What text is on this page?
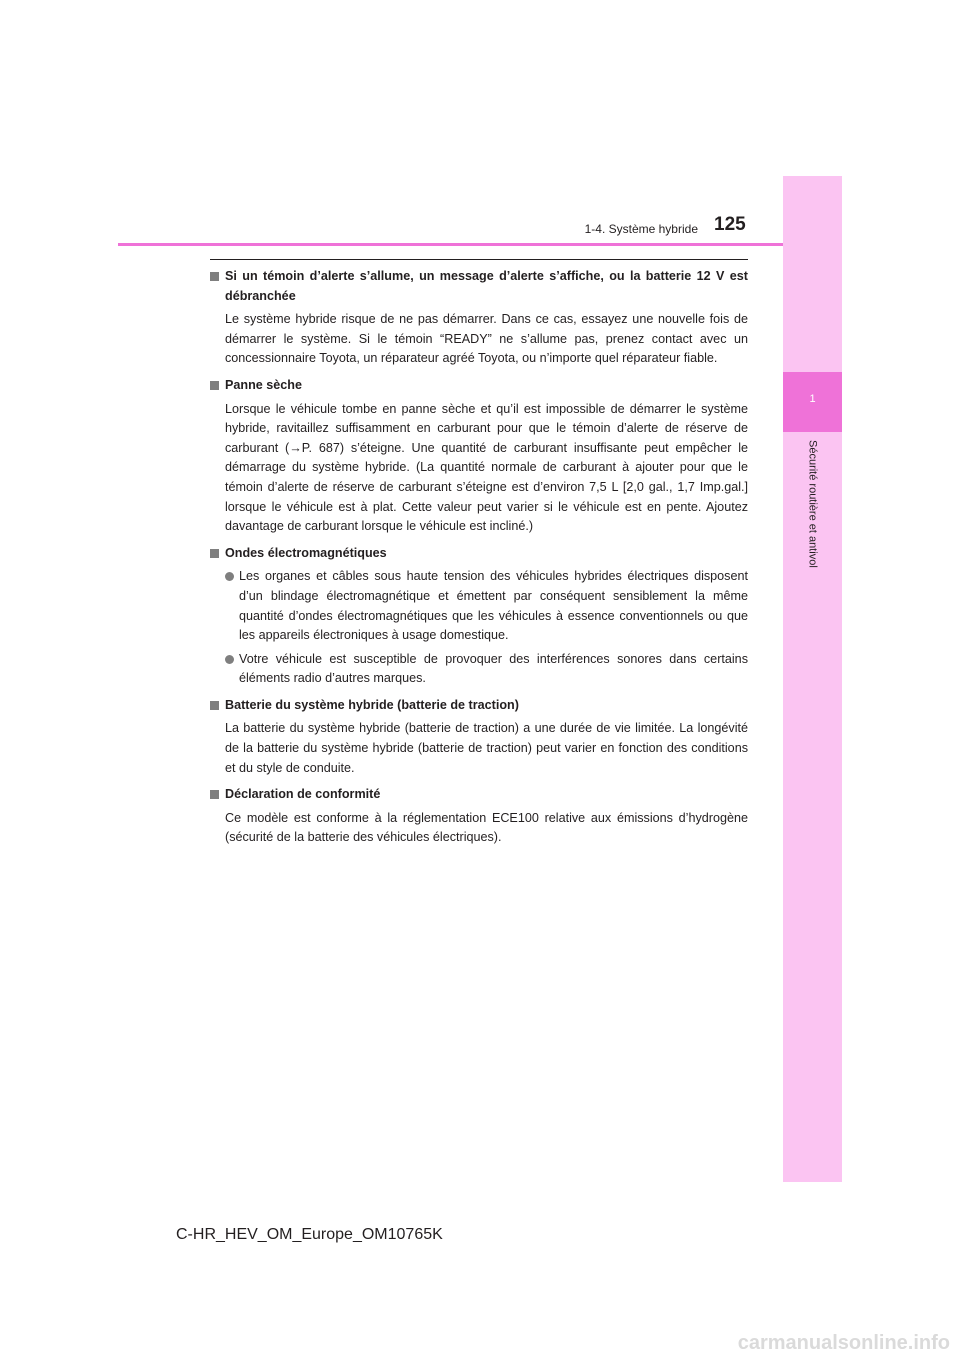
1
Sécurité routière et antivol
1-4. Système hybride 125
Si un témoin d’alerte s’allume, un message d’alerte s’affiche, ou la batterie 12 V est débranchée
Le système hybride risque de ne pas démarrer. Dans ce cas, essayez une nouvelle fois de démarrer le système. Si le témoin “READY” ne s’allume pas, prenez contact avec un concessionnaire Toyota, un réparateur agréé Toyota, ou n’importe quel réparateur fiable.
Panne sèche
Lorsque le véhicule tombe en panne sèche et qu’il est impossible de démarrer le système hybride, ravitaillez suffisamment en carburant pour que le témoin d’alerte de réserve de carburant (→P. 687) s’éteigne. Une quantité de carburant insuffisante peut empêcher le démarrage du système hybride. (La quantité normale de carburant à ajouter pour que le témoin d’alerte de réserve de carburant s’éteigne est d’environ 7,5 L [2,0 gal., 1,7 Imp.gal.] lorsque le véhicule est à plat. Cette valeur peut varier si le véhicule est en pente. Ajoutez davantage de carburant lorsque le véhicule est incliné.)
Ondes électromagnétiques
Les organes et câbles sous haute tension des véhicules hybrides électriques disposent d’un blindage électromagnétique et émettent par conséquent sensiblement la même quantité d’ondes électromagnétiques que les véhicules à essence conventionnels ou que les appareils électroniques à usage domestique.
Votre véhicule est susceptible de provoquer des interférences sonores dans certains éléments radio d’autres marques.
Batterie du système hybride (batterie de traction)
La batterie du système hybride (batterie de traction) a une durée de vie limitée. La longévité de la batterie du système hybride (batterie de traction) peut varier en fonction des conditions et du style de conduite.
Déclaration de conformité
Ce modèle est conforme à la réglementation ECE100 relative aux émissions d’hydrogène (sécurité de la batterie des véhicules électriques).
C-HR_HEV_OM_Europe_OM10765K
carmanualsonline.info
